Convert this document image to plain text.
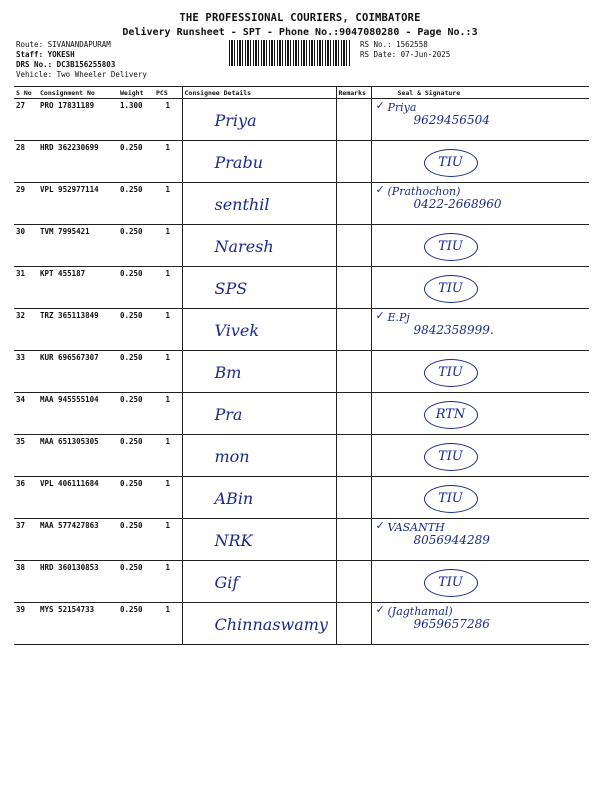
THE PROFESSIONAL COURIERS, COIMBATORE
Delivery Runsheet - SPT - Phone No.:9047080280 - Page No.:3
Route: SIVANANDAPURAM
Staff: YOKESH
DRS No.: DC3B156255803
Vehicle: Two Wheeler Delivery
RS No.: 1562558
RS Date: 07-Jun-2025
S No	Consignment No	Weight	PCS	Consignee Details	Remarks	Seal & Signature
27	PRO 17831189	1.300	1	Priya		✓ Priya
9629456504

28	HRD 362230699	0.250	1	Prabu		TIU

29	VPL 952977114	0.250	1	senthil		✓ (Prathochon)
0422-2668960

30	TVM 7995421	0.250	1	Naresh		TIU

31	KPT 455187	0.250	1	SPS		TIU

32	TRZ 365113849	0.250	1	Vivek		✓ E.Pj
9842358999.

33	KUR 696567307	0.250	1	Bm		TIU

34	MAA 945555104	0.250	1	Pra		RTN

35	MAA 651305305	0.250	1	mon		TIU

36	VPL 406111684	0.250	1	ABin		TIU

37	MAA 577427863	0.250	1	NRK		✓ VASANTH
8056944289

38	HRD 360130853	0.250	1	Gif		TIU

39	MYS 52154733	0.250	1	Chinnaswamy		✓ (Jagthamal)
9659657286
